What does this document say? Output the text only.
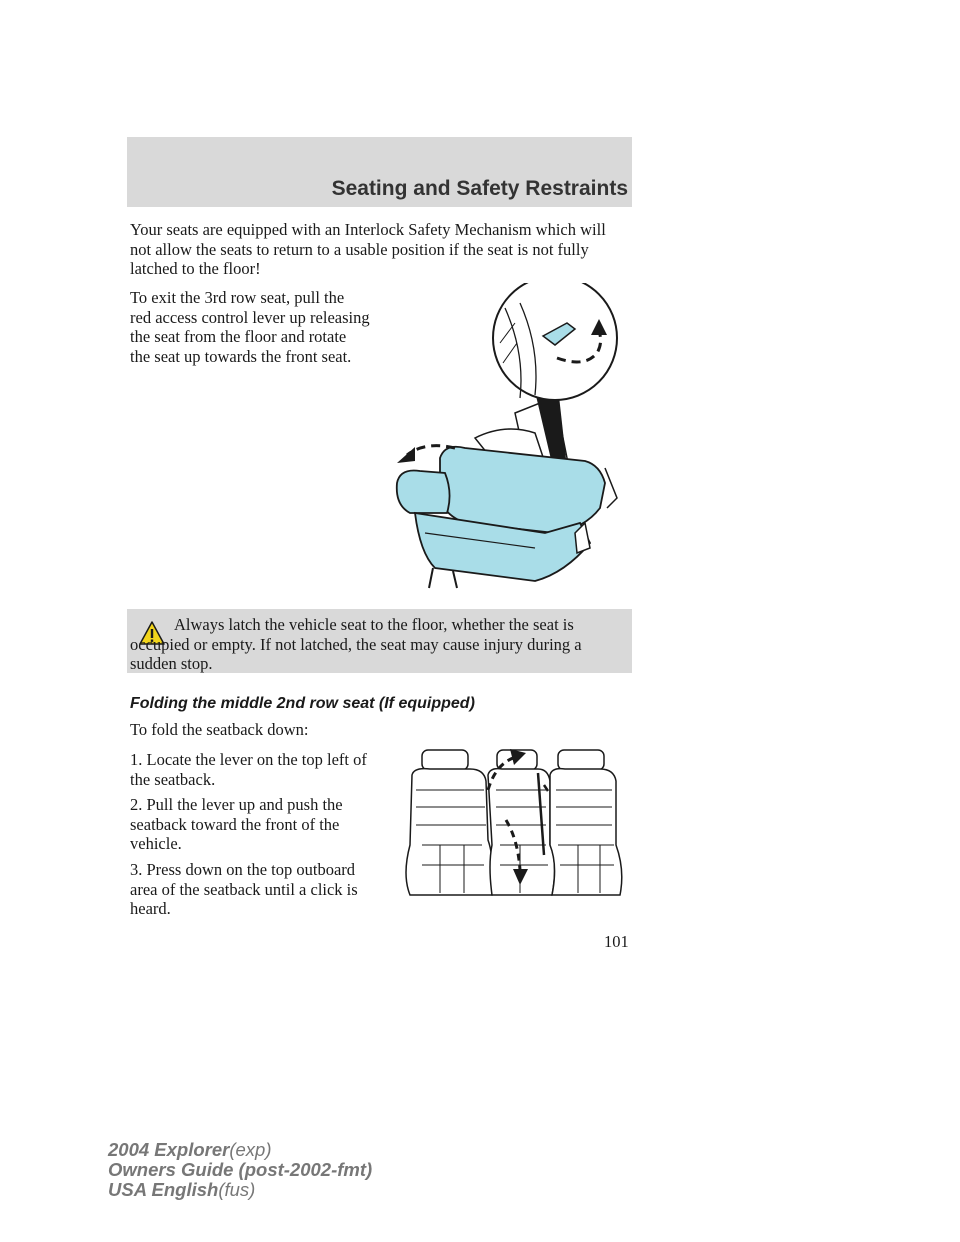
Seating and Safety Restraints
Your seats are equipped with an Interlock Safety Mechanism which will
not allow the seats to return to a usable position if the seat is not fully
latched to the floor!
To exit the 3rd row seat, pull the
red access control lever up releasing
the seat from the floor and rotate
the seat up towards the front seat.

Always latch the vehicle seat to the floor, whether the seat is occupied or empty. If not latched, the seat may cause injury during a sudden stop.

Folding the middle 2nd row seat (If equipped)
To fold the seatback down:
1. Locate the lever on the top left of
the seatback.
2. Pull the lever up and push the
seatback toward the front of the
vehicle.
3. Press down on the top outboard
area of the seatback until a click is
heard.
101
2004 Explorer(exp)
Owners Guide (post-2002-fmt)
USA English(fus)
